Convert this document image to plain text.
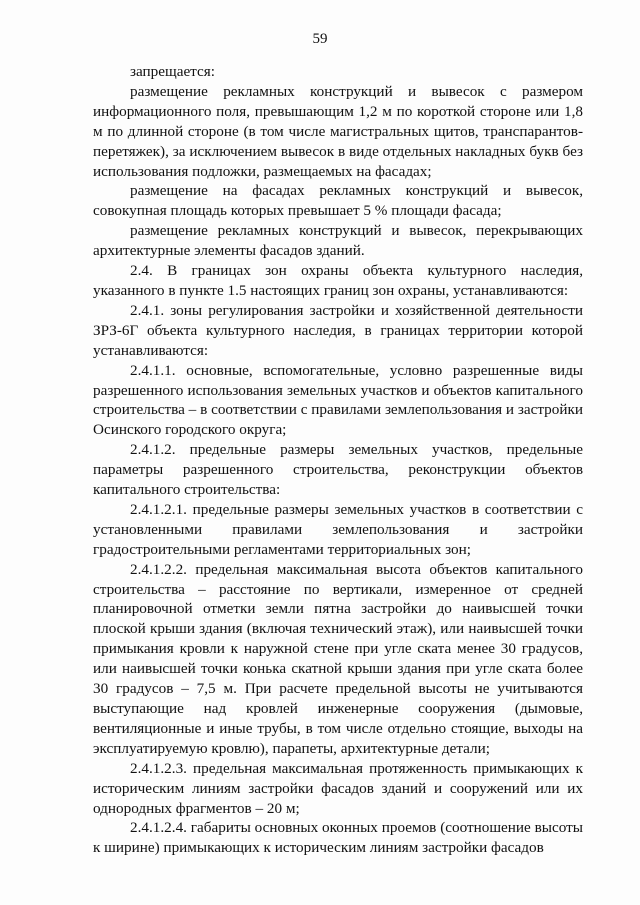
59

запрещается:

размещение рекламных конструкций и вывесок с размером информационного поля, превышающим 1,2 м по короткой стороне или 1,8 м по длинной стороне (в том числе магистральных щитов, транспарантов-перетяжек), за исключением вывесок в виде отдельных накладных букв без использования подложки, размещаемых на фасадах;

размещение на фасадах рекламных конструкций и вывесок, совокупная площадь которых превышает 5 % площади фасада;

размещение рекламных конструкций и вывесок, перекрывающих архитектурные элементы фасадов зданий.

2.4. В границах зон охраны объекта культурного наследия, указанного в пункте 1.5 настоящих границ зон охраны, устанавливаются:

2.4.1. зоны регулирования застройки и хозяйственной деятельности ЗРЗ-6Г объекта культурного наследия, в границах территории которой устанавливаются:

2.4.1.1. основные, вспомогательные, условно разрешенные виды разрешенного использования земельных участков и объектов капитального строительства – в соответствии с правилами землепользования и застройки Осинского городского округа;

2.4.1.2. предельные размеры земельных участков, предельные параметры разрешенного строительства, реконструкции объектов капитального строительства:

2.4.1.2.1. предельные размеры земельных участков в соответствии с установленными правилами землепользования и застройки градостроительными регламентами территориальных зон;

2.4.1.2.2. предельная максимальная высота объектов капитального строительства – расстояние по вертикали, измеренное от средней планировочной отметки земли пятна застройки до наивысшей точки плоской крыши здания (включая технический этаж), или наивысшей точки примыкания кровли к наружной стене при угле ската менее 30 градусов, или наивысшей точки конька скатной крыши здания при угле ската более 30 градусов – 7,5 м. При расчете предельной высоты не учитываются выступающие над кровлей инженерные сооружения (дымовые, вентиляционные и иные трубы, в том числе отдельно стоящие, выходы на эксплуатируемую кровлю), парапеты, архитектурные детали;

2.4.1.2.3. предельная максимальная протяженность примыкающих к историческим линиям застройки фасадов зданий и сооружений или их однородных фрагментов – 20 м;

2.4.1.2.4. габариты основных оконных проемов (соотношение высоты к ширине) примыкающих к историческим линиям застройки фасадов
